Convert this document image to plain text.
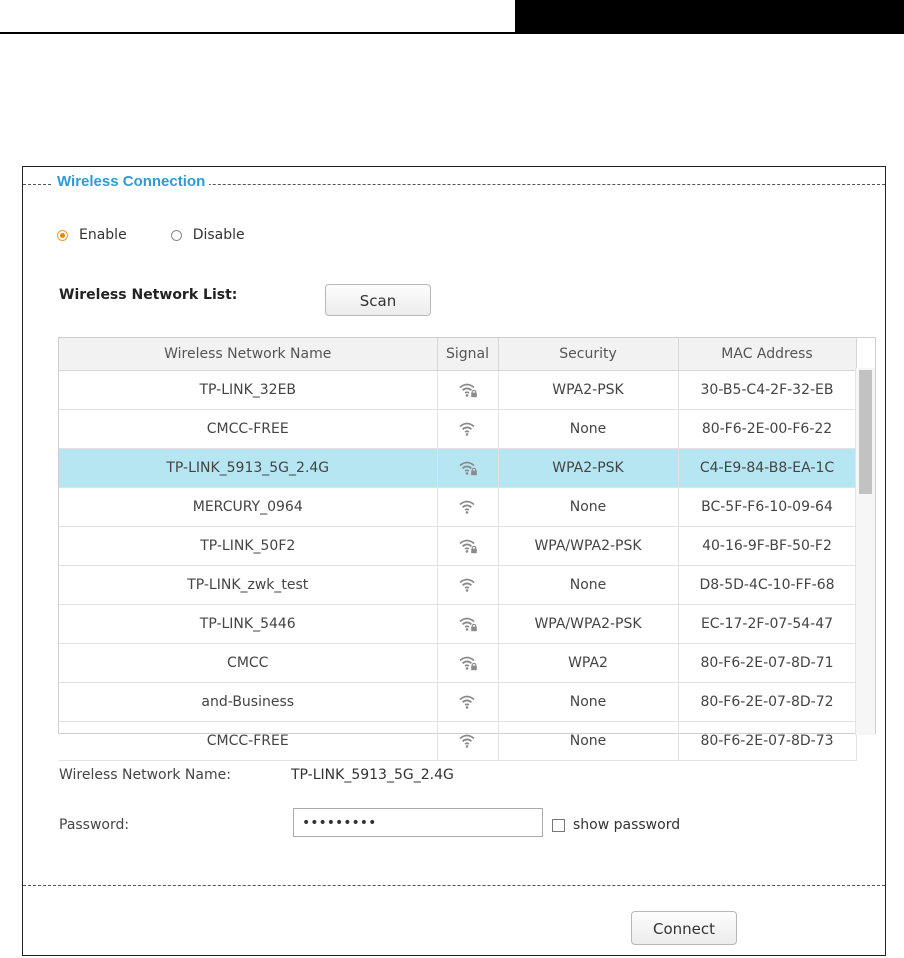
Wireless Connection
Enable	Disable
Wireless Network List:	Scan
Wireless Network Name	Signal	Security	MAC Address
TP-LINK_32EB		WPA2-PSK	30-B5-C4-2F-32-EB
CMCC-FREE		None	80-F6-2E-00-F6-22
TP-LINK_5913_5G_2.4G		WPA2-PSK	C4-E9-84-B8-EA-1C
MERCURY_0964		None	BC-5F-F6-10-09-64
TP-LINK_50F2		WPA/WPA2-PSK	40-16-9F-BF-50-F2
TP-LINK_zwk_test		None	D8-5D-4C-10-FF-68
TP-LINK_5446		WPA/WPA2-PSK	EC-17-2F-07-54-47
CMCC		WPA2	80-F6-2E-07-8D-71
and-Business		None	80-F6-2E-07-8D-72
CMCC-FREE		None	80-F6-2E-07-8D-73
Wireless Network Name:	TP-LINK_5913_5G_2.4G
Password:
•••••••••	show password
Connect
